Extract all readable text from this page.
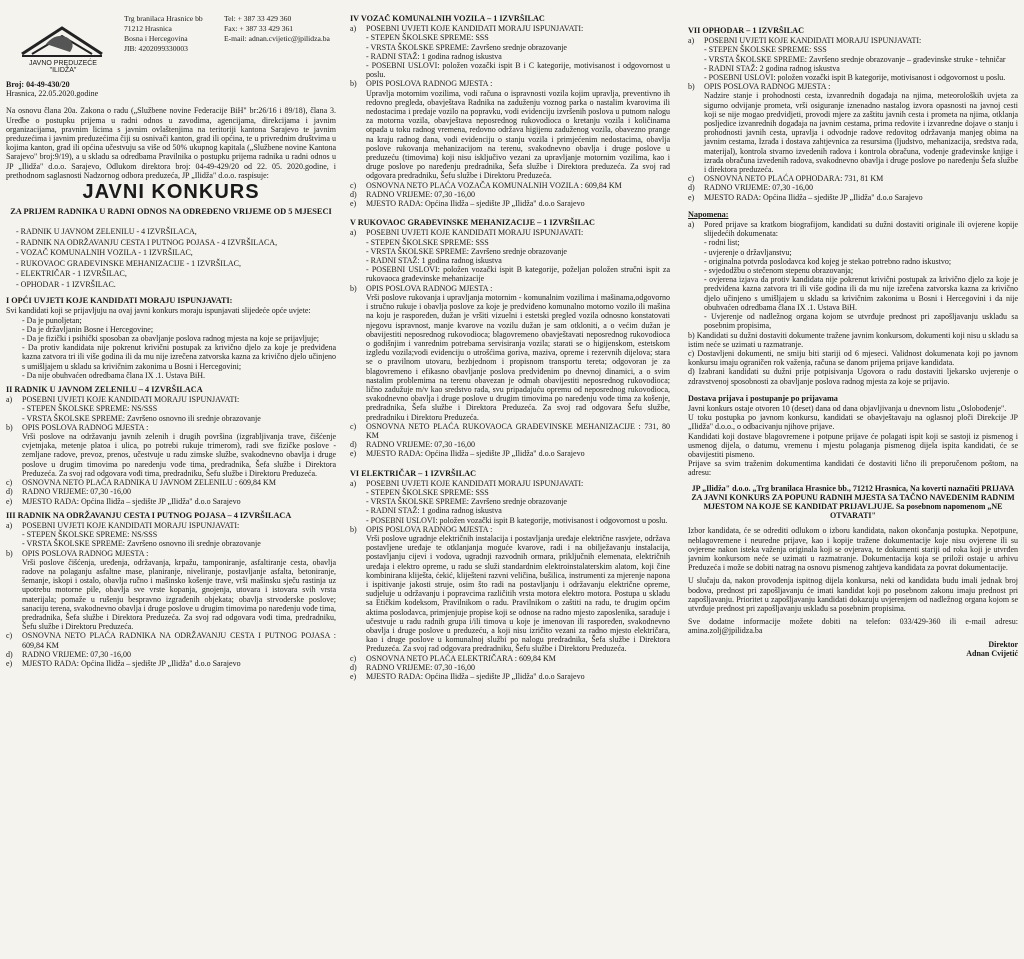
JAVNO PREDUZEĆE
"ILIDŽA"
Trg branilaca Hrasnice bb
71212 Hrasnica
Bosna i Hercegovina
JIB: 4202099330003
Tel: + 387 33 429 360
Fax: + 387 33 429 361
E-mail: adnan.cvijetic@jpilidza.ba

Broj: 04-49-430/20

Hrasnica, 22.05.2020.godine

Na osnovu člana 20a. Zakona o radu („Službene novine Federacije BiH" br:26/16 i 89/18), člana 3. Uredbe o postupku prijema u radni odnos u zavodima, agencijama, direkcijama i javnim organizacijama, pravnim licima s javnim ovlaštenjima na teritoriji kantona Sarajevo te javnim preduzećima i javnim preduzećima čiji su osnivači kanton, grad ili općina, te u privrednim društvima u kojima kanton, grad ili općina učestvuju sa više od 50% ukupnog kapitala („Službene novine Kantona Sarajevo" broj:9/19), a u skladu sa odredbama Pravilnika o postupku prijema radnika u radni odnos u JP „Ilidža" d.o.o. Sarajevo, Odlukom direktora broj: 04-49-429/20 od 22. 05. 2020.godine, i prethodnom saglasnosti Nadzornog odbora preduzeća, JP „Ilidža" d.o.o. raspisuje:

JAVNI KONKURS
ZA PRIJEM RADNIKA U RADNI ODNOS NA ODREĐENO VRIJEME OD 5 MJESECI
- RADNIK U JAVNOM ZELENILU - 4 IZVRŠILACA,
- RADNIK NA ODRŽAVANJU CESTA I PUTNOG POJASA - 4 IZVRŠILACA,
- VOZAČ KOMUNALNIH VOZILA - 1 IZVRŠILAC,
- RUKOVAOC GRAĐEVINSKE MEHANIZACIJE - 1 IZVRŠILAC,
- ELEKTRIČAR - 1 IZVRŠILAC,
- OPHODAR - 1 IZVRŠILAC.
I OPĆI UVJETI KOJE KANDIDATI MORAJU ISPUNJAVATI:

Svi kandidati koji se prijavljuju na ovaj javni konkurs moraju ispunjavati slijedeće opće uvjete:

- Da je punoljetan;

- Da je državljanin Bosne i Hercegovine;

- Da je fizički i psihički sposoban za obavljanje poslova radnog mjesta na koje se prijavljuje;

- Da protiv kandidata nije pokrenut krivični postupak za krivično djelo za koje je predviđena kazna zatvora tri ili više godina ili da mu nije izrečena zatvorska kazna za krivično djelo učinjeno s umišljajem u skladu sa krivičnim zakonima u Bosni i Hercegovini;

- Da nije obuhvaćen odredbama člana IX .1. Ustava BiH.

II RADNIK U JAVNOM ZELENILU – 4 IZVRŠILACA
a)	POSEBNI UVJETI KOJE KANDIDATI MORAJU ISPUNJAVATI:

- STEPEN ŠKOLSKE SPREME: NS/SSS

- VRSTA ŠKOLSKE SPREME: Završeno osnovno ili srednje obrazovanje

b)	OPIS POSLOVA RADNOG MJESTA :

Vrši poslove na održavanju javnih zelenih i drugih površina (izgrabljivanja trave, čišćenje cvjetnjaka, metenje platoa i ulica, po potrebi rukuje trimerom), radi sve fizičke poslove - zemljane radove, prevoz, prenos, učestvuje u radu zimske službe, svakodnevno obavlja i druge poslove u drugim timovima po naredenju vođe tima, predradnika, Šefa službe i Direktora Preduzeća. Za svoj rad odgovara vođi tima, predradniku, Šefu službe i Direktoru Preduzeća.

c)	OSNOVNA NETO PLAĆA RADNIKA U JAVNOM ZELENILU : 609,84 KM
d)	RADNO VRIJEME: 07,30 -16,00
e)	MJESTO RADA: Općina Ilidža – sjedište JP „Ilidža" d.o.o Sarajevo
III RADNIK NA ODRŽAVANJU CESTA I PUTNOG POJASA – 4 IZVRŠILACA
a)	POSEBNI UVJETI KOJE KANDIDATI MORAJU ISPUNJAVATI:

- STEPEN ŠKOLSKE SPREME: NS/SSS

- VRSTA ŠKOLSKE SPREME: Završeno osnovno ili srednje obrazovanje

b)	OPIS POSLOVA RADNOG MJESTA :

Vrši poslove čišćenja, uređenja, održavanja, krpažu, tamponiranje, asfaltiranje cesta, obavlja radove na polaganju asfaltne mase, planiranje, niveliranje, postavljanje asfalta, betoniranje, šemanje, iskopi i ostalo, obavlja ručno i mašinsko košenje trave, vrši mašinsku sječu rastinja uz upotrebu motorne pile, obavlja sve vrste kopanja, gnojenja, utovara i istovara svih vrsta materijala; pomaže u rušenju bespravno izgrađenih objekata; obavlja strvoderske poslove; sanaciju terena, svakodnevno obavlja i druge poslove u drugim timovima po naređenju vođe tima, predradnika, Šefa službe i Direktora Preduzeća. Za svoj rad odgovara vođi tima, predradniku, Šefu službe i Direktoru Preduzeća.

c)	OSNOVNA NETO PLAĆA RADNIKA NA ODRŽAVANJU CESTA I PUTNOG POJASA : 609,84 KM
d)	RADNO VRIJEME: 07,30 -16,00
e)	MJESTO RADA: Općina Ilidža – sjedište JP „Ilidža" d.o.o Sarajevo
IV VOZAČ KOMUNALNIH VOZILA – 1 IZVRŠILAC
a)	POSEBNI UVJETI KOJE KANDIDATI MORAJU ISPUNJAVATI:

- STEPEN ŠKOLSKE SPREME: SSS

- VRSTA ŠKOLSKE SPREME: Završeno srednje obrazovanje

- RADNI STAŽ: 1 godina radnog iskustva

- POSEBNI USLOVI: položen vozački ispit B i C kategorije, motivisanost i odgovornost u poslu.

b)	OPIS POSLOVA RADNOG MJESTA :

Upravlja motornim vozilima, vodi računa o ispravnosti vozila kojim upravlja, preventivno ih redovno pregleda, obavještava Radnika na zaduženju voznog parka o nastalim kvarovima ili nedostacima i predaje vozilo na popravku, vodi evidenciju izvršenih poslova u putnom nalogu za motorna vozila, obavještava neposrednog rukovodioca o kretanju vozila i količinama otpada u toku radnog vremena, redovno održava higijenu zaduženog vozila, obavezno prange na kraju radnog dana, vodi evidenciju o stanju vozila i primjećenim nedostacima, obavlja poslove rukovanja mehanizacijom na terenu, svakodnevno obavlja i druge poslove u preduzeću (timovima) koji nisu isključivo vezani za upravljanje motornim vozilima, kao i druge poslove po naređenju predradnika, Šefa službe i Direktora preduzeća. Za svoj rad odgovara predradniku, Šefu službe i Direktoru Preduzeća.

c)	OSNOVNA NETO PLAĆA VOZAČA KOMUNALNIH VOZILA : 609,84 KM
d)	RADNO VRIJEME: 07,30 -16,00
e)	MJESTO RADA: Općina Ilidža – sjedište JP „Ilidža" d.o.o Sarajevo
V RUKOVAOC GRAĐEVINSKE MEHANIZACIJE – 1 IZVRŠILAC
a)	POSEBNI UVJETI KOJE KANDIDATI MORAJU ISPUNJAVATI:

- STEPEN ŠKOLSKE SPREME: SSS

- VRSTA ŠKOLSKE SPREME: Završeno srednje obrazovanje

- RADNI STAŽ: 1 godina radnog iskustva

- POSEBNI USLOVI: položen vozački ispit B kategorije, poželjan položen stručni ispit za rukovaoca građevinske mehanizacije

b)	OPIS POSLOVA RADNOG MJESTA :

Vrši poslove rukovanja i upravljanja motornim - komunalnim vozilima i mašinama,odgovorno i stručno rukuje i obavlja poslove za koje je predviđeno komunalno motorno vozilo ili mašina na koju je raspoređen, dužan je vršiti vizuelni i estetski pregled vozila odnosno konstatovati njegovu ispravnost, manje kvarove na vozilu dužan je sam otkloniti, a o većim dužan je obavijestiti neposrednog rukovodioca; blagovremeno obavještavati neposrednog rukovodioca o godišnjim i vanrednim potrebama servisiranja vozila; starati se o higijenskom, estetskom izgledu vozila;vodi evidenciju o utrošćima goriva, maziva, opreme i rezervnih dijelova; stara se o pravilnom utovaru, bezbjednom i propisnom transportu tereta; odgovoran je za blagovremeno i efikasno obavljanje poslova predviđenim po dnevnoj dinamici, a o svim nastalim problemima na terenu obavezan je odmah obavijestiti neposrednog rukovodioca; lično zadužuje m/v kao sredstvo rada, svu pripadajuću opremu od neposrednog rukovodioca, svakodnevno obavlja i druge poslove u drugim timovima po naređenju vođe tima za košenje, predradnika, Šefa službe i Direktora Preduzeća. Za svoj rad odgovara Šefu službe, predradniku i Direktoru Preduzeća.

c)	OSNOVNA NETO PLAĆA RUKOVAOCA GRAĐEVINSKE MEHANIZACIJE : 731, 80 KM
d)	RADNO VRIJEME: 07,30 -16,00
e)	MJESTO RADA: Općina Ilidža – sjedište JP „Ilidža" d.o.o Sarajevo
VI ELEKTRIČAR – 1 IZVRŠILAC
a)	POSEBNI UVJETI KOJE KANDIDATI MORAJU ISPUNJAVATI:

- STEPEN ŠKOLSKE SPREME: SSS

- VRSTA ŠKOLSKE SPREME: Završeno srednje obrazovanje

- RADNI STAŽ: 1 godina radnog iskustva

- POSEBNI USLOVI: položen vozački ispit B kategorije, motivisanost i odgovornost u poslu.

b)	OPIS POSLOVA RADNOG MJESTA :

Vrši poslove ugradnje električnih instalacija i postavljanja uređaje električne rasvjete, održava postavljene uređaje te otklanjanja moguće kvarove, radi i na obilježavanju instalacija, postavljanju cijevi i vodova, ugradnji razvodnih ormara, priključnih elemenata, električnih uređaja i elektro opreme, u radu se služi standardnim elektroinstalaterskim alatom, koji čine kombinirana kliješta, ćekić, kliješteni razvni veličina, bušilica, instrumenti za mjerenje napona i ispitivanje jakosti struje, osim što radi na postavljanju i održavanju električne opreme, sudjeluje u održavanju i popravcima različitih vrsta motora elektro motora. Postupa u skladu sa Etičkim kodeksom, Pravilnikom o radu. Pravilnikom o zaštiti na radu, te drugim općim aktima poslodavca, primjenjuje propise koji se odnose na radno mjesto zaposlenika, saraduje i učestvuje u radu radnih grupa i/ili timova u koje je imenovan ili raspoređen, svakodnevno obavlja i druge poslove u preduzeću, a koji nisu izričito vezani za radno mjesto električara, kao i druge poslove u komunalnoj službi po nalogu predradnika, Šefa službe i Direktora Preduzeća. Za svoj rad odgovara predradniku, Šefu službe i Direktoru Preduzeća.

c)	OSNOVNA NETO PLAĆA ELEKTRIČARA : 609,84 KM
d)	RADNO VRIJEME: 07,30 -16,00
e)	MJESTO RADA: Općina Ilidža – sjedište JP „Ilidža" d.o.o Sarajevo
VII OPHODAR – 1 IZVRŠILAC
a)	POSEBNI UVJETI KOJE KANDIDATI MORAJU ISPUNJAVATI:

- STEPEN ŠKOLSKE SPREME: SSS

- VRSTA ŠKOLSKE SPREME: Završeno srednje obrazovanje – građevinske struke - tehničar

- RADNI STAŽ: 2 godina radnog iskustva

- POSEBNI USLOVI: položen vozački ispit B kategorije, motivisanost i odgovornost u poslu.

b)	OPIS POSLOVA RADNOG MJESTA :

Nadzire stanje i prohodnosti cesta, izvanrednih događaja na njima, meteoroloških uvjeta za sigurno odvijanje prometa, vrši osiguranje iznenadno nastalog izvora opasnosti na javnoj cesti koji se nije mogao predvidjeti, provodi mjere za zaštitu javnih cesta i prometa na njima, otklanja posljedice izvanrednih događaja na javnim cestama, prima redovite i izvanredne dojave o stanju i prohodnosti javnih cesta, upravlja i odvodnje radove redovitog održavanja manjeg obima na javnim cestama, Izrađa i dostava zahtjevnica za resursima (ljudstvo, mehanizacija, sredstva rada, materijal), kontrola stvarno izvedenih radova i kontrola obračuna, vođenje građevinske knjige i izrada obračuna izvedenih radova, svakodnevno obavlja i druge poslove po naređenju Šefa službe i direktora preduzeća.

c)	OSNOVNA NETO PLAĆA OPHODARA: 731, 81 KM
d)	RADNO VRIJEME: 07,30 -16,00
e)	MJESTO RADA: Općina Ilidža – sjedište JP „Ilidža" d.o.o Sarajevo
Napomena:
a)	Pored prijave sa kratkom biografijom, kandidati su dužni dostaviti originale ili ovjerene kopije slijedećih dokumenata:

- rodni list;

- uvjerenje o državljanstvu;

- originalna potvrda poslodavca kod kojeg je stekao potrebno radno iskustvo;

- svjedodžbu o stečenom stepenu obrazovanja;

- ovjerena izjava da protiv kandidata nije pokrenut krivični postupak za krivično djelo za koje je predviđena kazna zatvora tri ili više godina ili da mu nije izrečena zatvorska kazna za krivično djelo učinjeno s umišljajem u skladu sa krivičnim zakonima u Bosni i Hercegovini i da nije obuhvaćen odredbama člana IX .1. Ustava BiH.

- Uvjerenje od nadležnog organa kojom se utvrđuje prednost pri zapošljavanju usklađu sa posebnim propisima,

b) Kandidati su dužni dostaviti dokumente tražene javnim konkursom, dokumenti koji nisu u skladu sa istim neće se uzimati u razmatranje.

c) Dostavljeni dokumenti, ne smiju biti stariji od 6 mjeseci. Validnost dokumenata koji po javnom konkursu imaju ograničen rok važenja, računa se danom prijema prijave kandidata.

d) Izabrani kandidati su dužni prije potpisivanja Ugovora o radu dostaviti ljekarsko uvjerenje o zdravstvenoj sposobnosti za obavljanje poslova radnog mjesta za koje se prijavio.

Dostava prijava i postupanje po prijavama

Javni konkurs ostaje otvoren 10 (deset) dana od dana objavljivanja u dnevnom listu „Oslobođenje".

U toku postupka po javnom konkursu, kandidati se obavještavaju na oglasnoj ploči Direkcije JP „Ilidža" d.o.o., o odbacivanju njihove prijave.

Kandidati koji dostave blagovremene i potpune prijave će polagati ispit koji se sastoji iz pismenog i usmenog dijela, o datumu, vremenu i mjestu polaganja pismenog dijela ispita kandidati, će se obavijestiti pismeno.

Prijave sa svim traženim dokumentima kandidati će dostaviti lično ili preporučenom poštom, na adresu:

JP „Ilidža" d.o.o. „Trg branilaca Hrasnice bb., 71212 Hrasnica, Na koverti naznačiti PRIJAVA ZA JAVNI KONKURS ZA POPUNU RADNIH MJESTA SA TAČNO NAVEDENIM RADNIM MJESTOM NA KOJE SE KANDIDAT PRIJAVLJUJE. Sa posebnom napomenom „NE OTVARATI"

Izbor kandidata, će se odrediti odlukom o izboru kandidata, nakon okončanja postupka. Nepotpune, neblagovremene i neuredne prijave, kao i kopije tražene dokumentacije koje nisu ovjerene ili su ovjerene nakon isteka važenja originala koji se ovjerava, te dokumenti stariji od roka koji je utvrđen javnim konkursom neće se uzimati u razmatranje. Dokumentacija koja se priloži ostaje u arhivu Preduzeća i može se dobiti natrag na osnovu pismenog zahtjeva kandidata za povrat dokumentacije.

U slučaju da, nakon provođenja ispitnog dijela konkursa, neki od kandidata budu imali jednak broj bodova, prednost pri zapošljavanju će imati kandidat koji po posebnom zakonu imaju prednost pri zapošljavanju. Prioritet u zapošljavanju kandidati dokazuju uvjerenjem od nadležnog organa kojom se utvrđuje prednost pri zapošljavanju usklađu sa posebnim propisima.

Sve dodatne informacije možete dobiti na telefon: 033/429-360 ili e-mail adresu: amina.zolj@jpilidza.ba

Direktor
Adnan Cvijetić
